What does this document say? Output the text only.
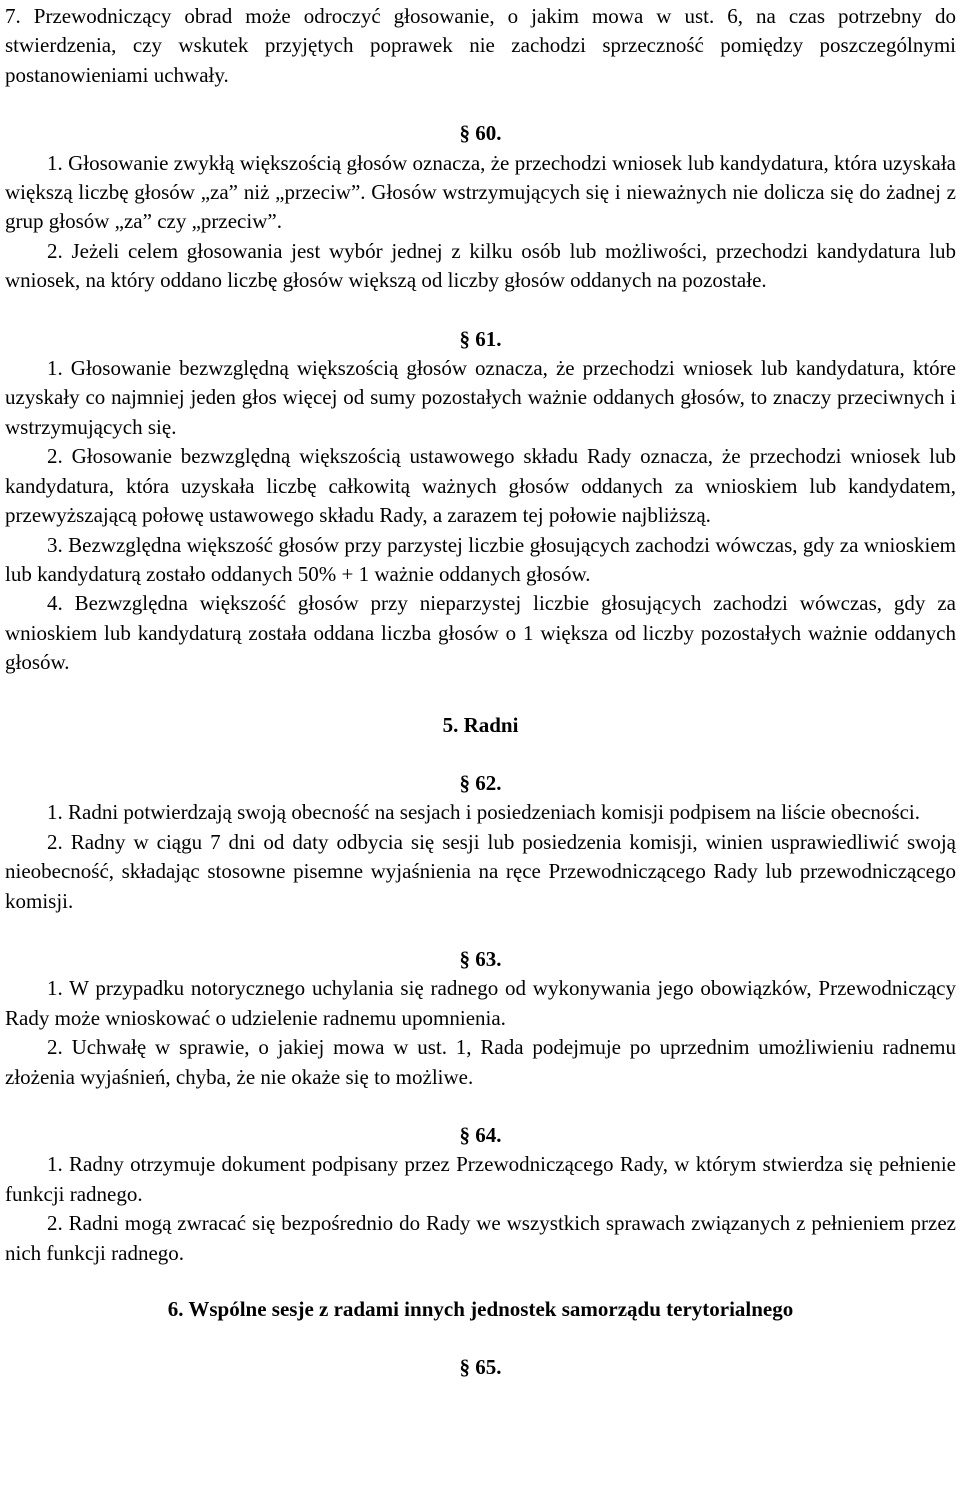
7. Przewodniczący obrad może odroczyć głosowanie, o jakim mowa w ust. 6, na czas potrzebny do stwierdzenia, czy wskutek przyjętych poprawek nie zachodzi sprzeczność pomiędzy poszczególnymi postanowieniami uchwały.

§ 60.

1. Głosowanie zwykłą większością głosów oznacza, że przechodzi wniosek lub kandydatura, która uzyskała większą liczbę głosów „za” niż „przeciw”. Głosów wstrzymujących się i nieważnych nie dolicza się do żadnej z grup głosów „za” czy „przeciw”.

2. Jeżeli celem głosowania jest wybór jednej z kilku osób lub możliwości, przechodzi kandydatura lub wniosek, na który oddano liczbę głosów większą od liczby głosów oddanych na pozostałe.

§ 61.

1. Głosowanie bezwzględną większością głosów oznacza, że przechodzi wniosek lub kandydatura, które uzyskały co najmniej jeden głos więcej od sumy pozostałych ważnie oddanych głosów, to znaczy przeciwnych i wstrzymujących się.

2. Głosowanie bezwzględną większością ustawowego składu Rady oznacza, że przechodzi wniosek lub kandydatura, która uzyskała liczbę całkowitą ważnych głosów oddanych za wnioskiem lub kandydatem, przewyższającą połowę ustawowego składu Rady, a zarazem tej połowie najbliższą.

3. Bezwzględna większość głosów przy parzystej liczbie głosujących zachodzi wówczas, gdy za wnioskiem lub kandydaturą zostało oddanych 50% + 1 ważnie oddanych głosów.

4. Bezwzględna większość głosów przy nieparzystej liczbie głosujących zachodzi wówczas, gdy za wnioskiem lub kandydaturą została oddana liczba głosów o 1 większa od liczby pozostałych ważnie oddanych głosów.

5. Radni

§ 62.

1. Radni potwierdzają swoją obecność na sesjach i posiedzeniach komisji podpisem na liście obecności.

2. Radny w ciągu 7 dni od daty odbycia się sesji lub posiedzenia komisji, winien usprawiedliwić swoją nieobecność, składając stosowne pisemne wyjaśnienia na ręce Przewodniczącego Rady lub przewodniczącego komisji.

§ 63.

1. W przypadku notorycznego uchylania się radnego od wykonywania jego obowiązków, Przewodniczący Rady może wnioskować o udzielenie radnemu upomnienia.

2. Uchwałę w sprawie, o jakiej mowa w ust. 1, Rada podejmuje po uprzednim umożliwieniu radnemu złożenia wyjaśnień, chyba, że nie okaże się to możliwe.

§ 64.

1. Radny otrzymuje dokument podpisany przez Przewodniczącego Rady, w którym stwierdza się pełnienie funkcji radnego.

2. Radni mogą zwracać się bezpośrednio do Rady we wszystkich sprawach związanych z pełnieniem przez nich funkcji radnego.

6. Wspólne sesje z radami innych jednostek samorządu terytorialnego

§ 65.
